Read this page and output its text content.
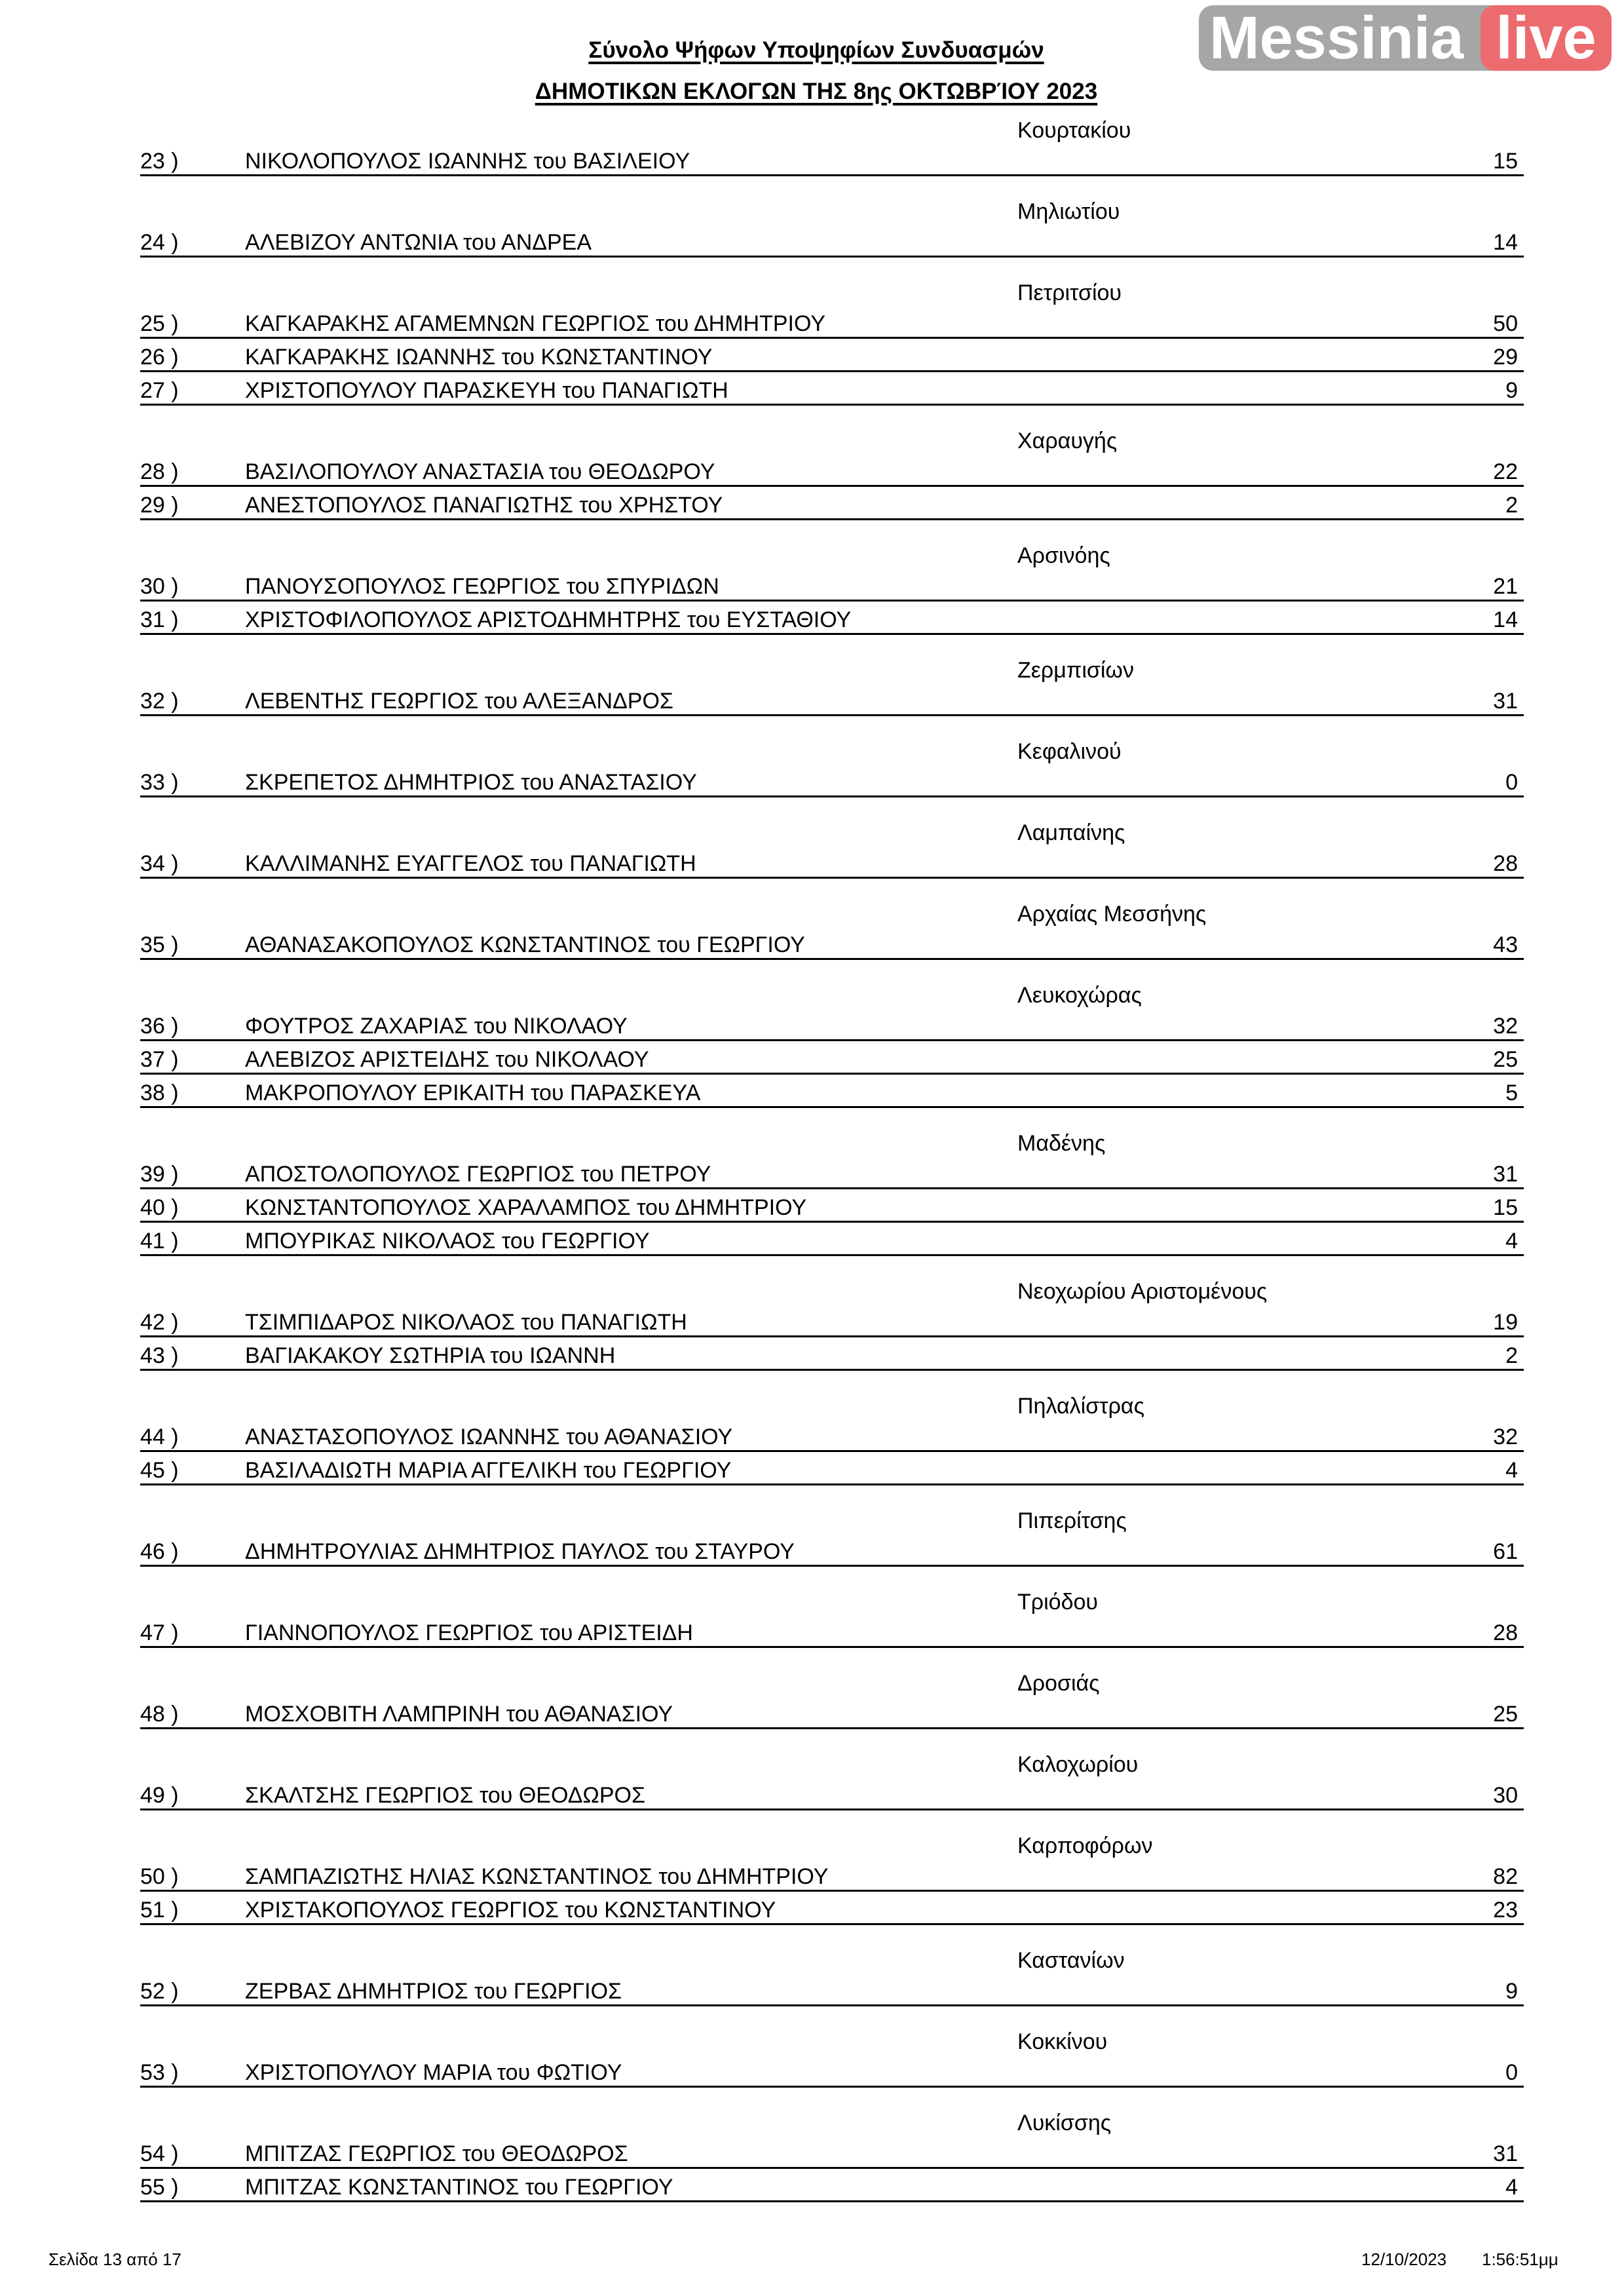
Messinia live
Σύνολο Ψήφων Υποψηφίων Συνδυασμών
ΔΗΜΟΤΙΚΩΝ ΕΚΛΟΓΩΝ ΤΗΣ 8ης ΟΚΤΩΒΡΊΟΥ 2023
Κουρτακίου
23 )	ΝΙΚΟΛΟΠΟΥΛΟΣ ΙΩΑΝΝΗΣ του ΒΑΣΙΛΕΙΟΥ	15
Μηλιωτίου
24 )	ΑΛΕΒΙΖΟΥ ΑΝΤΩΝΙΑ του ΑΝΔΡΕΑ	14
Πετριτσίου
25 )	ΚΑΓΚΑΡΑΚΗΣ ΑΓΑΜΕΜΝΩΝ ΓΕΩΡΓΙΟΣ του ΔΗΜΗΤΡΙΟΥ	50
26 )	ΚΑΓΚΑΡΑΚΗΣ ΙΩΑΝΝΗΣ του ΚΩΝΣΤΑΝΤΙΝΟΥ	29
27 )	ΧΡΙΣΤΟΠΟΥΛΟΥ ΠΑΡΑΣΚΕΥΗ του ΠΑΝΑΓΙΩΤΗ	9
Χαραυγής
28 )	ΒΑΣΙΛΟΠΟΥΛΟΥ ΑΝΑΣΤΑΣΙΑ του ΘΕΟΔΩΡΟΥ	22
29 )	ΑΝΕΣΤΟΠΟΥΛΟΣ ΠΑΝΑΓΙΩΤΗΣ του ΧΡΗΣΤΟΥ	2
Αρσινόης
30 )	ΠΑΝΟΥΣΟΠΟΥΛΟΣ ΓΕΩΡΓΙΟΣ του ΣΠΥΡΙΔΩΝ	21
31 )	ΧΡΙΣΤΟΦΙΛΟΠΟΥΛΟΣ ΑΡΙΣΤΟΔΗΜΗΤΡΗΣ του ΕΥΣΤΑΘΙΟΥ	14
Ζερμπισίων
32 )	ΛΕΒΕΝΤΗΣ ΓΕΩΡΓΙΟΣ του ΑΛΕΞΑΝΔΡΟΣ	31
Κεφαλινού
33 )	ΣΚΡΕΠΕΤΟΣ ΔΗΜΗΤΡΙΟΣ του ΑΝΑΣΤΑΣΙΟΥ	0
Λαμπαίνης
34 )	ΚΑΛΛΙΜΑΝΗΣ ΕΥΑΓΓΕΛΟΣ του ΠΑΝΑΓΙΩΤΗ	28
Αρχαίας Μεσσήνης
35 )	ΑΘΑΝΑΣΑΚΟΠΟΥΛΟΣ ΚΩΝΣΤΑΝΤΙΝΟΣ του ΓΕΩΡΓΙΟΥ	43
Λευκοχώρας
36 )	ΦΟΥΤΡΟΣ ΖΑΧΑΡΙΑΣ του ΝΙΚΟΛΑΟΥ	32
37 )	ΑΛΕΒΙΖΟΣ ΑΡΙΣΤΕΙΔΗΣ του ΝΙΚΟΛΑΟΥ	25
38 )	ΜΑΚΡΟΠΟΥΛΟΥ ΕΡΙΚΑΙΤΗ του ΠΑΡΑΣΚΕΥΑ	5
Μαδένης
39 )	ΑΠΟΣΤΟΛΟΠΟΥΛΟΣ ΓΕΩΡΓΙΟΣ του ΠΕΤΡΟΥ	31
40 )	ΚΩΝΣΤΑΝΤΟΠΟΥΛΟΣ ΧΑΡΑΛΑΜΠΟΣ του ΔΗΜΗΤΡΙΟΥ	15
41 )	ΜΠΟΥΡΙΚΑΣ ΝΙΚΟΛΑΟΣ του ΓΕΩΡΓΙΟΥ	4
Νεοχωρίου Αριστομένους
42 )	ΤΣΙΜΠΙΔΑΡΟΣ ΝΙΚΟΛΑΟΣ του ΠΑΝΑΓΙΩΤΗ	19
43 )	ΒΑΓΙΑΚΑΚΟΥ ΣΩΤΗΡΙΑ του ΙΩΑΝΝΗ	2
Πηλαλίστρας
44 )	ΑΝΑΣΤΑΣΟΠΟΥΛΟΣ ΙΩΑΝΝΗΣ του ΑΘΑΝΑΣΙΟΥ	32
45 )	ΒΑΣΙΛΑΔΙΩΤΗ ΜΑΡΙΑ ΑΓΓΕΛΙΚΗ του ΓΕΩΡΓΙΟΥ	4
Πιπερίτσης
46 )	ΔΗΜΗΤΡΟΥΛΙΑΣ ΔΗΜΗΤΡΙΟΣ ΠΑΥΛΟΣ του ΣΤΑΥΡΟΥ	61
Τριόδου
47 )	ΓΙΑΝΝΟΠΟΥΛΟΣ ΓΕΩΡΓΙΟΣ του ΑΡΙΣΤΕΙΔΗ	28
Δροσιάς
48 )	ΜΟΣΧΟΒΙΤΗ ΛΑΜΠΡΙΝΗ του ΑΘΑΝΑΣΙΟΥ	25
Καλοχωρίου
49 )	ΣΚΑΛΤΣΗΣ ΓΕΩΡΓΙΟΣ του ΘΕΟΔΩΡΟΣ	30
Καρποφόρων
50 )	ΣΑΜΠΑΖΙΩΤΗΣ ΗΛΙΑΣ ΚΩΝΣΤΑΝΤΙΝΟΣ του ΔΗΜΗΤΡΙΟΥ	82
51 )	ΧΡΙΣΤΑΚΟΠΟΥΛΟΣ ΓΕΩΡΓΙΟΣ του ΚΩΝΣΤΑΝΤΙΝΟΥ	23
Καστανίων
52 )	ΖΕΡΒΑΣ ΔΗΜΗΤΡΙΟΣ του ΓΕΩΡΓΙΟΣ	9
Κοκκίνου
53 )	ΧΡΙΣΤΟΠΟΥΛΟΥ ΜΑΡΙΑ του ΦΩΤΙΟΥ	0
Λυκίσσης
54 )	ΜΠΙΤΖΑΣ ΓΕΩΡΓΙΟΣ του ΘΕΟΔΩΡΟΣ	31
55 )	ΜΠΙΤΖΑΣ ΚΩΝΣΤΑΝΤΙΝΟΣ του ΓΕΩΡΓΙΟΥ	4
Σελίδα 13 από 17	12/10/2023 1:56:51μμ
